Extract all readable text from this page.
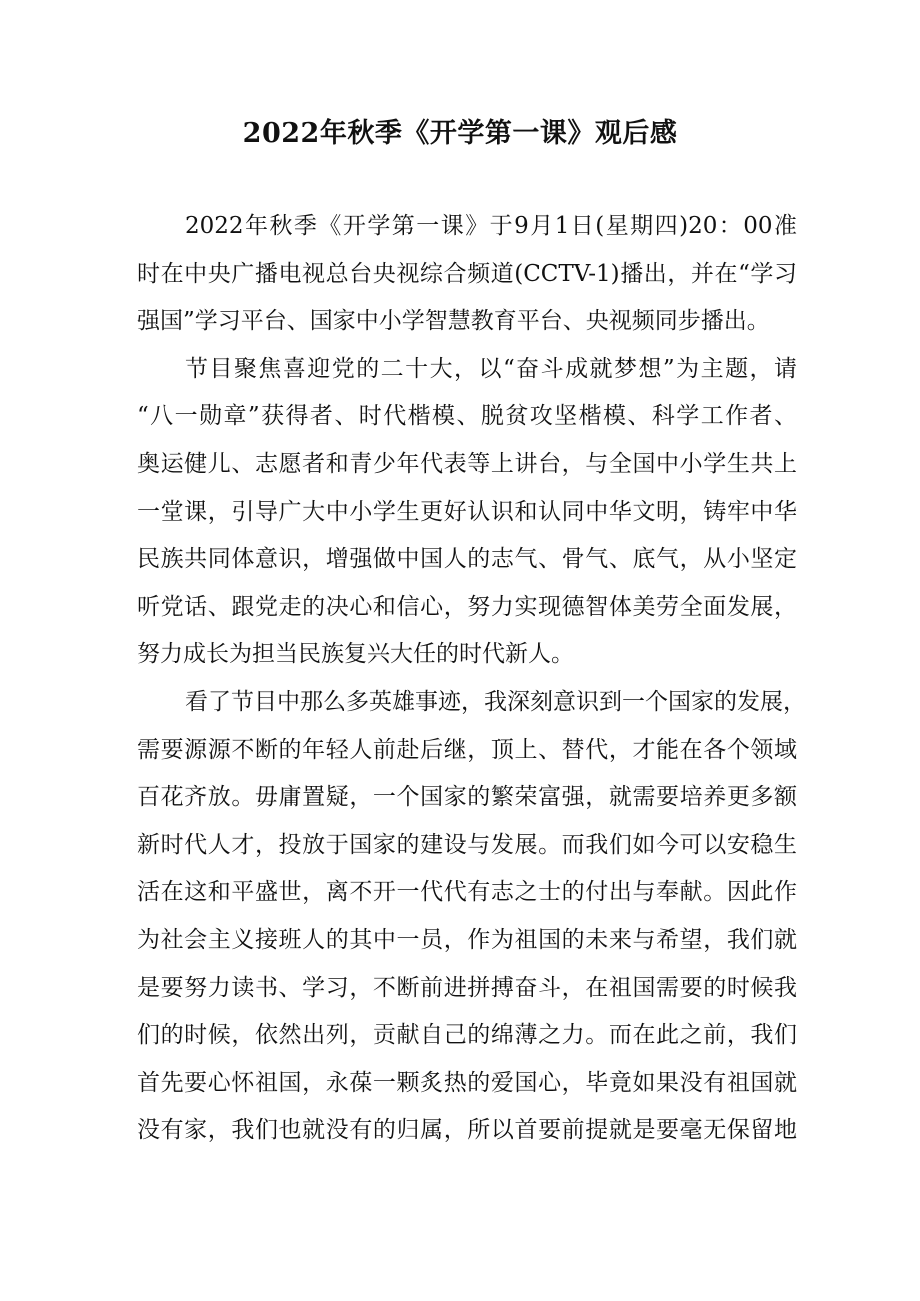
2022年秋季《开学第一课》观后感
2022年秋季《开学第一课》于9月1日(星期四)20：00准
时在中央广播电视总台央视综合频道(CCTV-1)播出，并在“学习
强国”学习平台、国家中小学智慧教育平台、央视频同步播出。
节目聚焦喜迎党的二十大，以“奋斗成就梦想”为主题，请
“八一勋章”获得者、时代楷模、脱贫攻坚楷模、科学工作者、
奥运健儿、志愿者和青少年代表等上讲台，与全国中小学生共上
一堂课，引导广大中小学生更好认识和认同中华文明，铸牢中华
民族共同体意识，增强做中国人的志气、骨气、底气，从小坚定
听党话、跟党走的决心和信心，努力实现德智体美劳全面发展，
努力成长为担当民族复兴大任的时代新人。
看了节目中那么多英雄事迹，我深刻意识到一个国家的发展，
需要源源不断的年轻人前赴后继，顶上、替代，才能在各个领域
百花齐放。毋庸置疑，一个国家的繁荣富强，就需要培养更多额
新时代人才，投放于国家的建设与发展。而我们如今可以安稳生
活在这和平盛世，离不开一代代有志之士的付出与奉献。因此作
为社会主义接班人的其中一员，作为祖国的未来与希望，我们就
是要努力读书、学习，不断前进拼搏奋斗，在祖国需要的时候我
们的时候，依然出列，贡献自己的绵薄之力。而在此之前，我们
首先要心怀祖国，永葆一颗炙热的爱国心，毕竟如果没有祖国就
没有家，我们也就没有的归属，所以首要前提就是要毫无保留地
